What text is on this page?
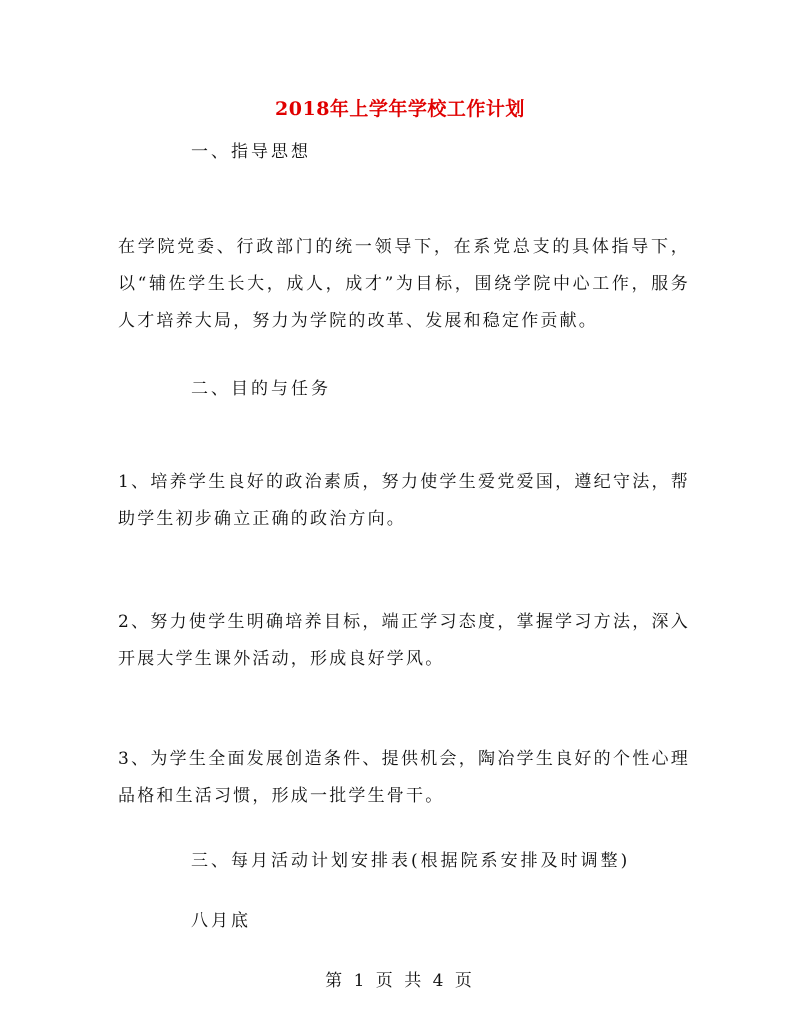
2018年上学年学校工作计划
一、指导思想
在学院党委、行政部门的统一领导下，在系党总支的具体指导下，以“辅佐学生长大，成人，成才”为目标，围绕学院中心工作，服务人才培养大局，努力为学院的改革、发展和稳定作贡献。
二、目的与任务
1、培养学生良好的政治素质，努力使学生爱党爱国，遵纪守法，帮助学生初步确立正确的政治方向。
2、努力使学生明确培养目标，端正学习态度，掌握学习方法，深入开展大学生课外活动，形成良好学风。
3、为学生全面发展创造条件、提供机会，陶冶学生良好的个性心理品格和生活习惯，形成一批学生骨干。
三、每月活动计划安排表(根据院系安排及时调整)
八月底
第 1 页 共 4 页
